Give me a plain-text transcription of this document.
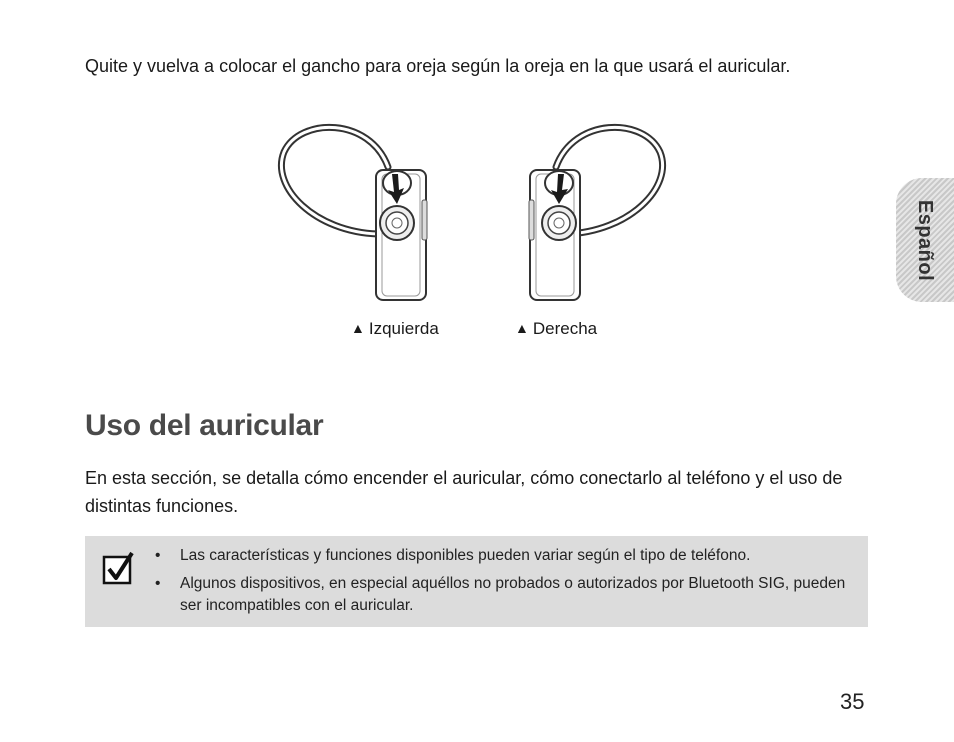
Quite y vuelva a colocar el gancho para oreja según la oreja en la que usará el auricular.

▲ Izquierda	▲ Derecha
Uso del auricular

En esta sección, se detalla cómo encender el auricular, cómo conectarlo al teléfono y el uso de distintas funciones.

• Las características y funciones disponibles pueden variar según el tipo de teléfono.
• Algunos dispositivos, en especial aquéllos no probados o autorizados por Bluetooth SIG, pueden ser incompatibles con el auricular.
Español
35
